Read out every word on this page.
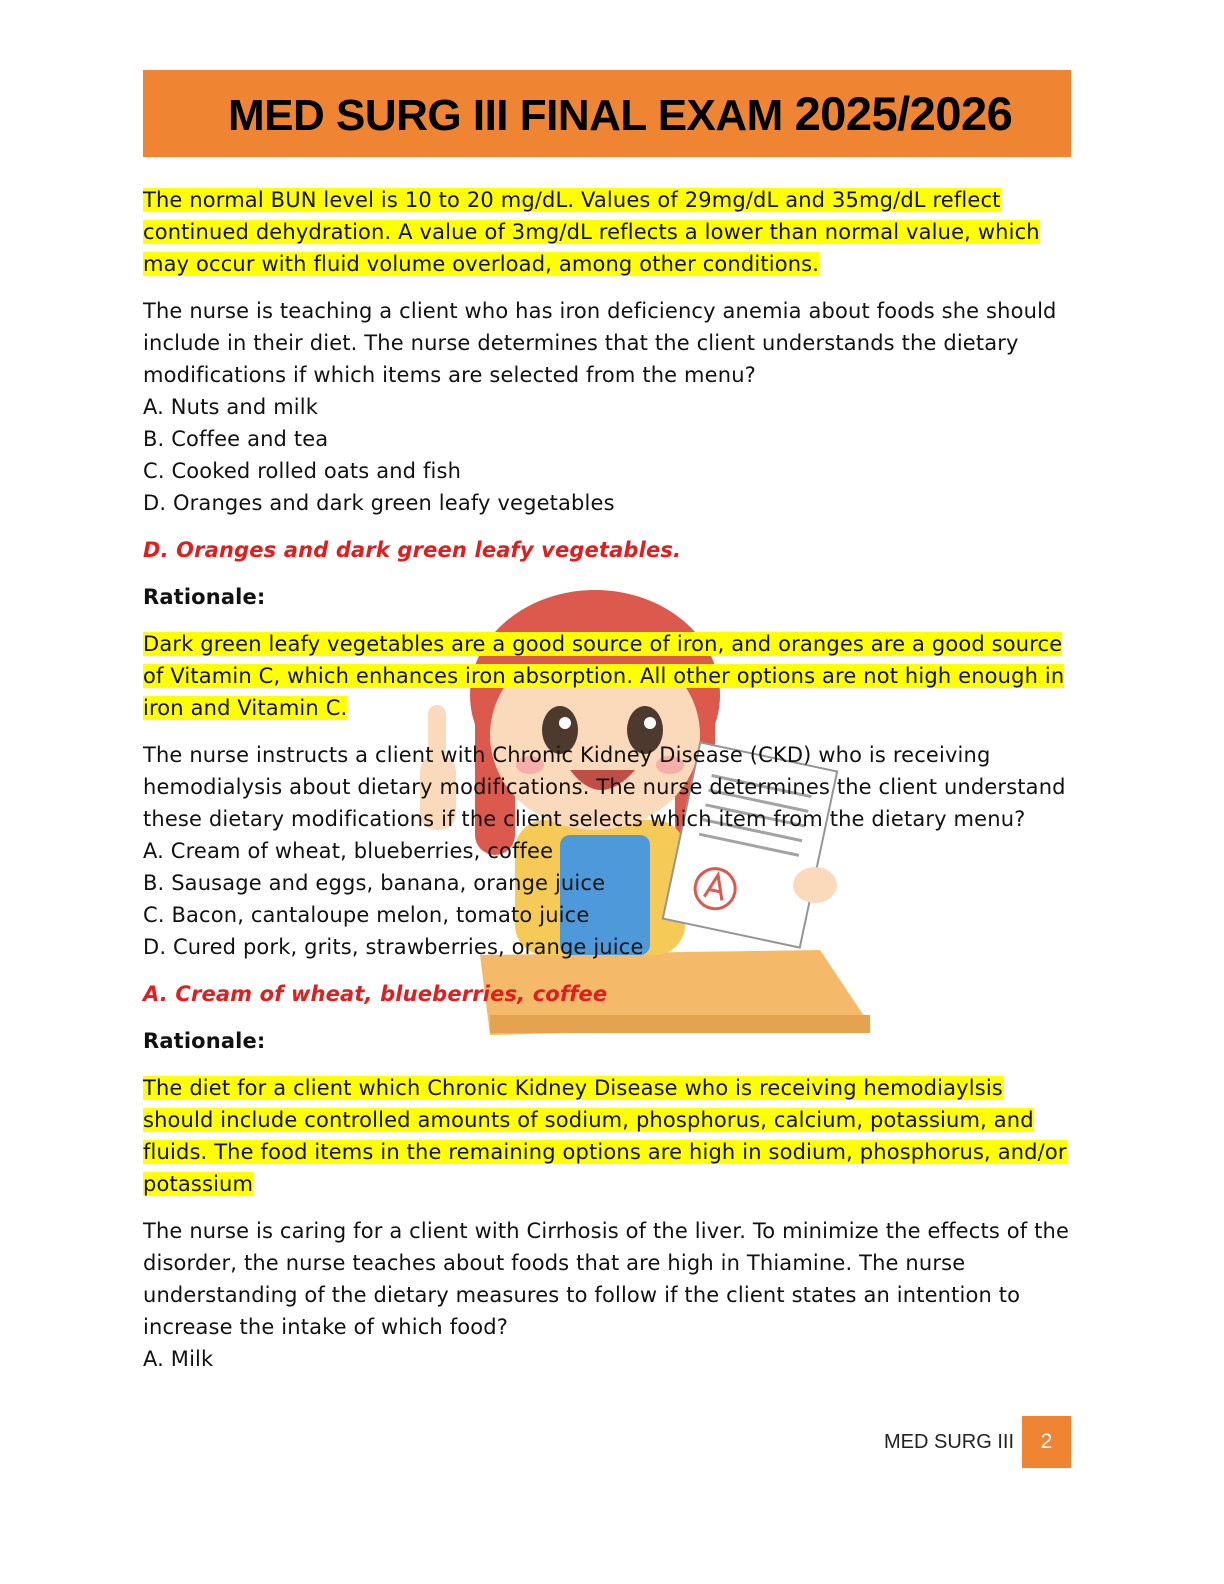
MED SURG III FINAL EXAM 2025/2026

The normal BUN level is 10 to 20 mg/dL. Values of 29mg/dL and 35mg/dL reflect continued dehydration. A value of 3mg/dL reflects a lower than normal value, which may occur with fluid volume overload, among other conditions.

The nurse is teaching a client who has iron deficiency anemia about foods she should include in their diet. The nurse determines that the client understands the dietary modifications if which items are selected from the menu?

A. Nuts and milk

B. Coffee and tea

C. Cooked rolled oats and fish

D. Oranges and dark green leafy vegetables

D. Oranges and dark green leafy vegetables.

Rationale:

Dark green leafy vegetables are a good source of iron, and oranges are a good source of Vitamin C, which enhances iron absorption. All other options are not high enough in iron and Vitamin C.

The nurse instructs a client with Chronic Kidney Disease (CKD) who is receiving hemodialysis about dietary modifications. The nurse determines the client understand these dietary modifications if the client selects which item from the dietary menu?

A. Cream of wheat, blueberries, coffee

B. Sausage and eggs, banana, orange juice

C. Bacon, cantaloupe melon, tomato juice

D. Cured pork, grits, strawberries, orange juice

A. Cream of wheat, blueberries, coffee

Rationale:

The diet for a client which Chronic Kidney Disease who is receiving hemodiaylsis should include controlled amounts of sodium, phosphorus, calcium, potassium, and fluids. The food items in the remaining options are high in sodium, phosphorus, and/or potassium

The nurse is caring for a client with Cirrhosis of the liver. To minimize the effects of the disorder, the nurse teaches about foods that are high in Thiamine. The nurse understanding of the dietary measures to follow if the client states an intention to increase the intake of which food?

A. Milk

MED SURG III	2
